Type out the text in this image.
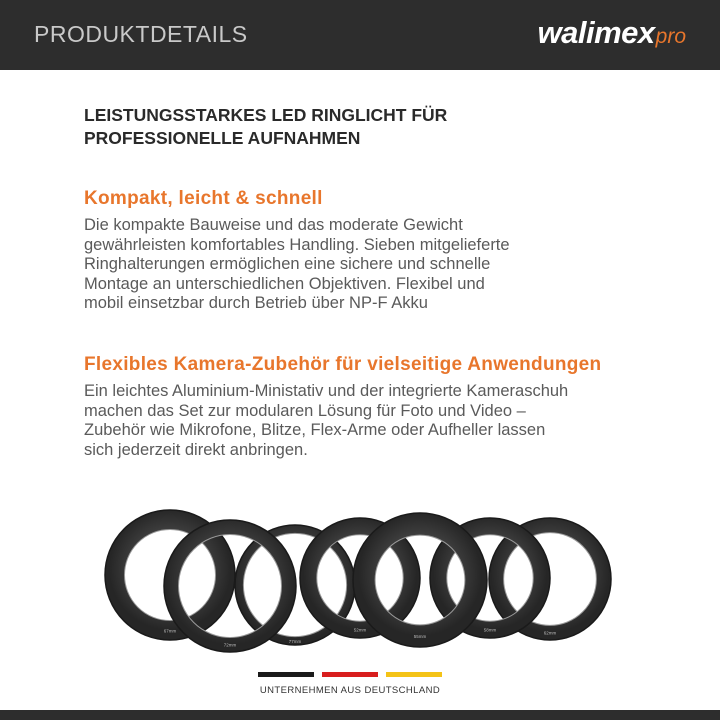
PRODUKTDETAILS	walimex pro
LEISTUNGSSTARKES LED RINGLICHT FÜR
PROFESSIONELLE AUFNAHMEN
Kompakt, leicht & schnell
Die kompakte Bauweise und das moderate Gewicht
gewährleisten komfortables Handling. Sieben mitgelieferte
Ringhalterungen ermöglichen eine sichere und schnelle
Montage an unterschiedlichen Objektiven. Flexibel und
mobil einsetzbar durch Betrieb über NP-F Akku
Flexibles Kamera-Zubehör für vielseitige Anwendungen
Ein leichtes Aluminium-Ministativ und der integrierte Kameraschuh
machen das Set zur modularen Lösung für Foto und Video –
Zubehör wie Mikrofone, Blitze, Flex-Arme oder Aufheller lassen
sich jederzeit direkt anbringen.
77mm
62mm
58mm
67mm
72mm
52mm
55mm
UNTERNEHMEN AUS DEUTSCHLAND
